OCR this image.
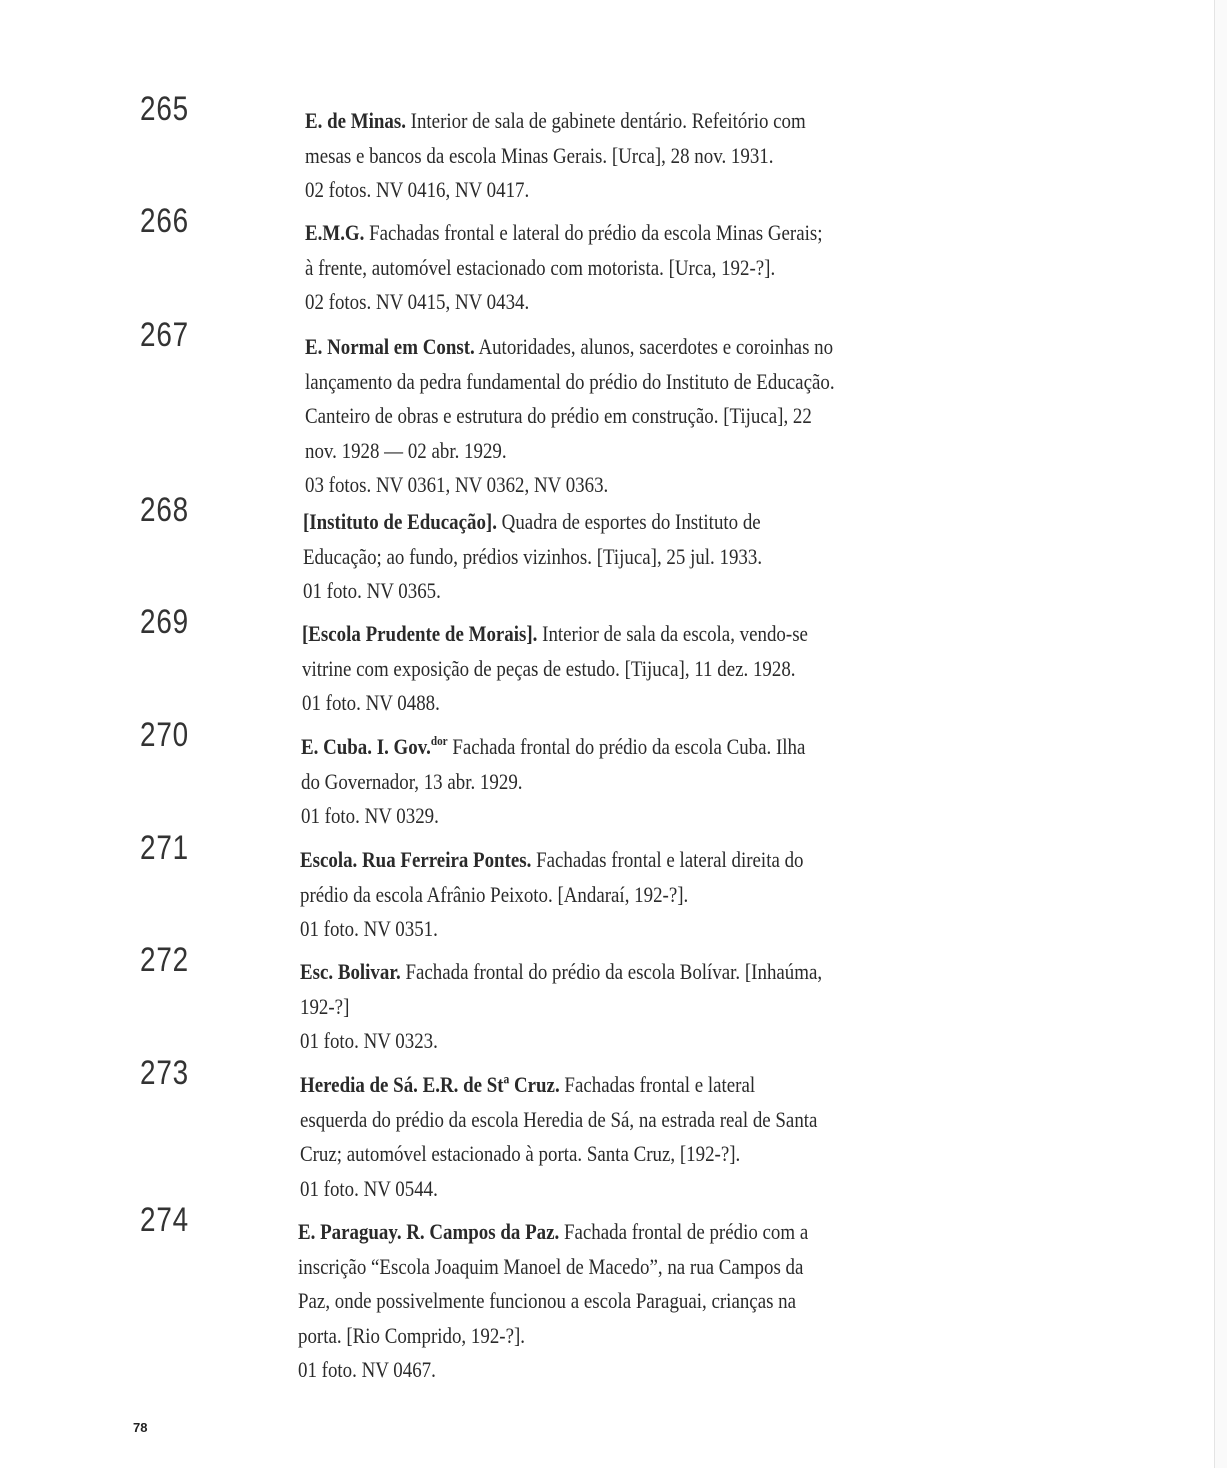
265	E. de Minas. Interior de sala de gabinete dentário. Refeitório com
mesas e bancos da escola Minas Gerais. [Urca], 28 nov. 1931.
02 fotos. NV 0416, NV 0417.
266	E.M.G. Fachadas frontal e lateral do prédio da escola Minas Gerais;
à frente, automóvel estacionado com motorista. [Urca, 192-?].
02 fotos. NV 0415, NV 0434.
267	E. Normal em Const. Autoridades, alunos, sacerdotes e coroinhas no
lançamento da pedra fundamental do prédio do Instituto de Educação.
Canteiro de obras e estrutura do prédio em construção. [Tijuca], 22
nov. 1928 — 02 abr. 1929.
03 fotos. NV 0361, NV 0362, NV 0363.
268	[Instituto de Educação]. Quadra de esportes do Instituto de
Educação; ao fundo, prédios vizinhos. [Tijuca], 25 jul. 1933.
01 foto. NV 0365.
269	[Escola Prudente de Morais]. Interior de sala da escola, vendo-se
vitrine com exposição de peças de estudo. [Tijuca], 11 dez. 1928.
01 foto. NV 0488.
270	E. Cuba. I. Gov.$^{dor}$ Fachada frontal do prédio da escola Cuba. Ilha
do Governador, 13 abr. 1929.
01 foto. NV 0329.
271	Escola. Rua Ferreira Pontes. Fachadas frontal e lateral direita do
prédio da escola Afrânio Peixoto. [Andaraí, 192-?].
01 foto. NV 0351.
272	Esc. Bolivar. Fachada frontal do prédio da escola Bolívar. [Inhaúma,
192-?]
01 foto. NV 0323.
273	Heredia de Sá. E.R. de Stª Cruz. Fachadas frontal e lateral
esquerda do prédio da escola Heredia de Sá, na estrada real de Santa
Cruz; automóvel estacionado à porta. Santa Cruz, [192-?].
01 foto. NV 0544.
274	E. Paraguay. R. Campos da Paz. Fachada frontal de prédio com a
inscrição “Escola Joaquim Manoel de Macedo”, na rua Campos da
Paz, onde possivelmente funcionou a escola Paraguai, crianças na
porta. [Rio Comprido, 192-?].
01 foto. NV 0467.
78
